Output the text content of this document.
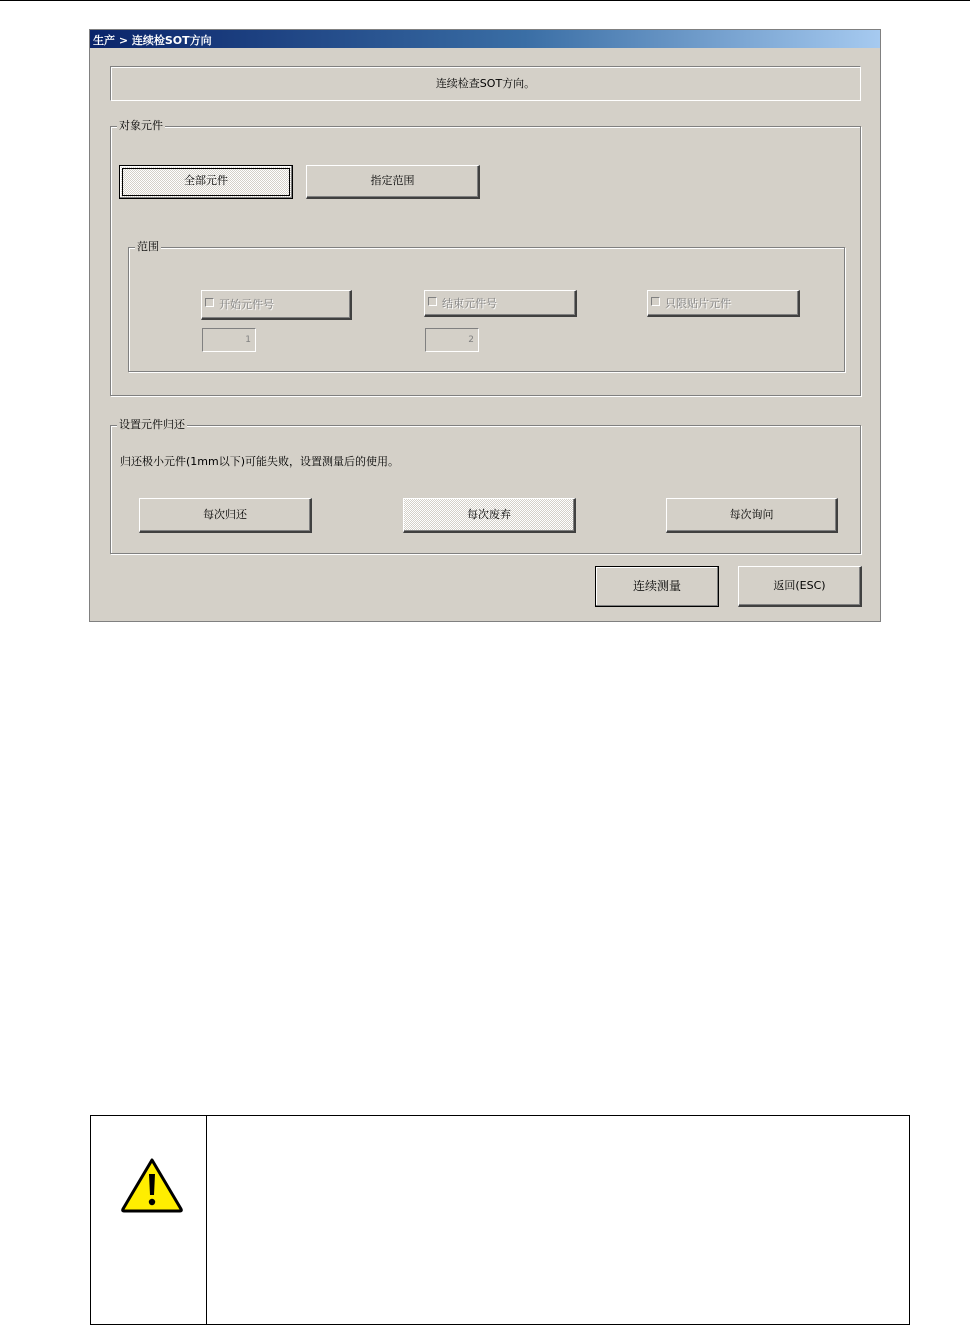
生产 > 连续检SOT方向
连续检查SOT方向。
对象元件
全部元件	指定范围
范围
开始元件号	结束元件号	只限贴片元件
1	2
设置元件归还
归还极小元件(1mm以下)可能失败，设置测量后的使用。
每次归还	每次废弃	每次询问
连续测量	返回(ESC)
